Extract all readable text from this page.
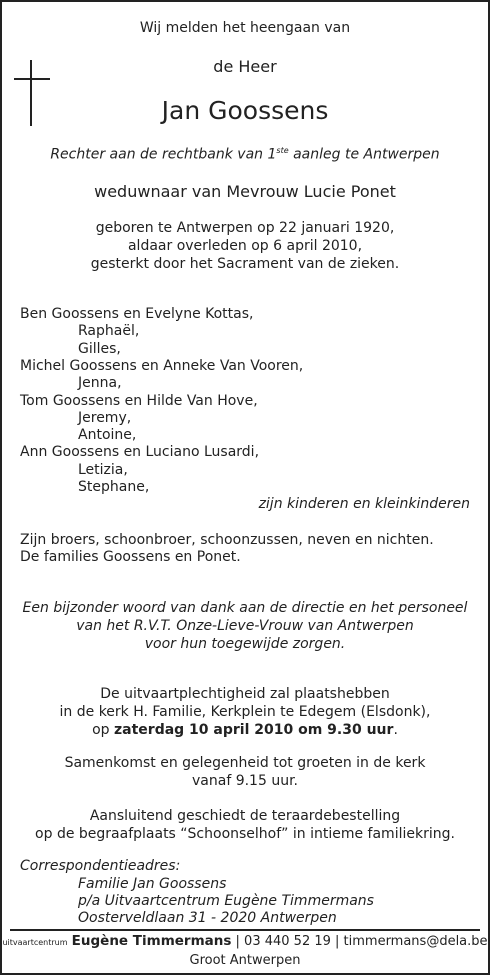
Wij melden het heengaan van
de Heer
Jan Goossens
Rechter aan de rechtbank van 1ste aanleg te Antwerpen
weduwnaar van Mevrouw Lucie Ponet
geboren te Antwerpen op 22 januari 1920,
aldaar overleden op 6 april 2010,
gesterkt door het Sacrament van de zieken.
Ben Goossens en Evelyne Kottas,
Raphaël,
Gilles,
Michel Goossens en Anneke Van Vooren,
Jenna,
Tom Goossens en Hilde Van Hove,
Jeremy,
Antoine,
Ann Goossens en Luciano Lusardi,
Letizia,
Stephane,
zijn kinderen en kleinkinderen
Zijn broers, schoonbroer, schoonzussen, neven en nichten.
De families Goossens en Ponet.
Een bijzonder woord van dank aan de directie en het personeel
van het R.V.T. Onze-Lieve-Vrouw van Antwerpen
voor hun toegewijde zorgen.
De uitvaartplechtigheid zal plaatshebben
in de kerk H. Familie, Kerkplein te Edegem (Elsdonk),
op zaterdag 10 april 2010 om 9.30 uur.
Samenkomst en gelegenheid tot groeten in de kerk
vanaf 9.15 uur.
Aansluitend geschiedt de teraardebestelling
op de begraafplaats “Schoonselhof” in intieme familiekring.
Correspondentieadres:
Familie Jan Goossens
p/a Uitvaartcentrum Eugène Timmermans
Oosterveldlaan 31 - 2020 Antwerpen
uitvaartcentrum Eugène Timmermans | 03 440 52 19 | timmermans@dela.be
Groot Antwerpen
